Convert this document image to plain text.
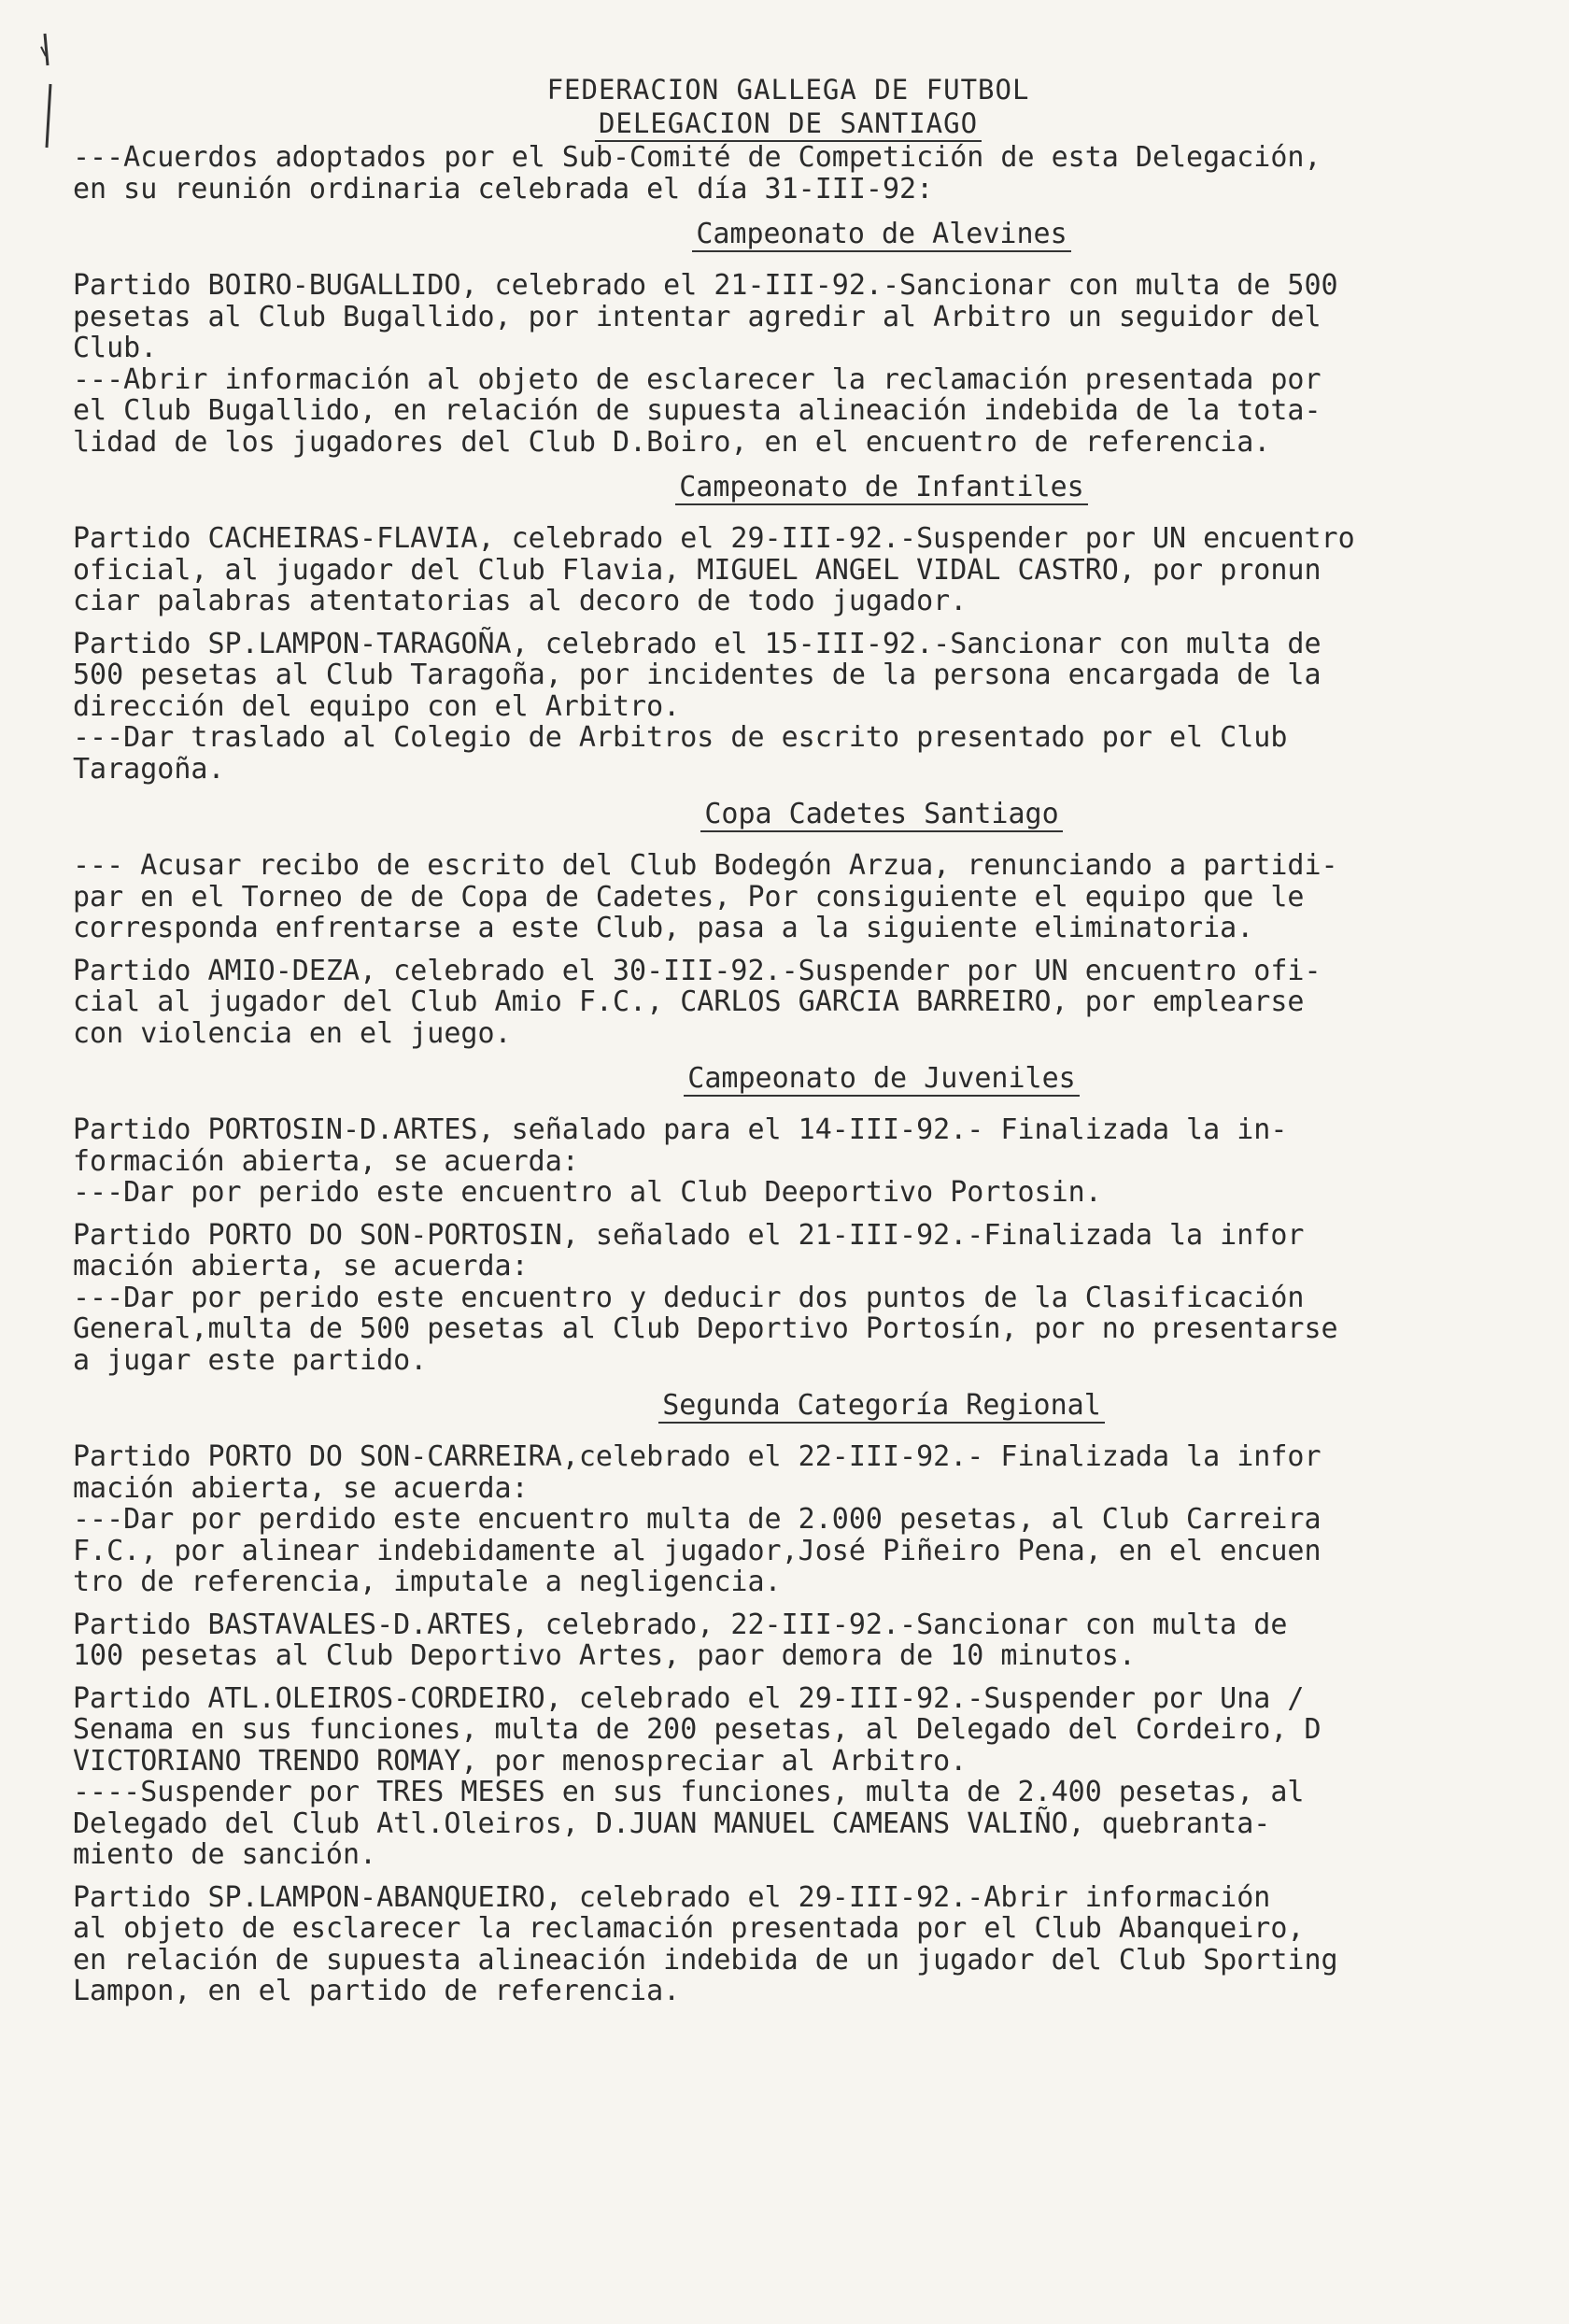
FEDERACION GALLEGA DE FUTBOL
DELEGACION DE SANTIAGO
---Acuerdos adoptados por el Sub-Comité de Competición de esta Delegación,
en su reunión ordinaria celebrada el día 31-III-92:
Campeonato de Alevines
Partido BOIRO-BUGALLIDO, celebrado el 21-III-92.-Sancionar con multa de 500
pesetas al Club Bugallido, por intentar agredir al Arbitro un seguidor del
Club.
---Abrir información al objeto de esclarecer la reclamación presentada por
el Club Bugallido, en relación de supuesta alineación indebida de la tota-
lidad de los jugadores del Club D.Boiro, en el encuentro de referencia.
Campeonato de Infantiles
Partido CACHEIRAS-FLAVIA, celebrado el 29-III-92.-Suspender por UN encuentro
oficial, al jugador del Club Flavia, MIGUEL ANGEL VIDAL CASTRO, por pronun
ciar palabras atentatorias al decoro de todo jugador.
Partido SP.LAMPON-TARAGOÑA, celebrado el 15-III-92.-Sancionar con multa de
500 pesetas al Club Taragoña, por incidentes de la persona encargada de la
dirección del equipo con el Arbitro.
---Dar traslado al Colegio de Arbitros de escrito presentado por el Club
Taragoña.
Copa Cadetes Santiago
--- Acusar recibo de escrito del Club Bodegón Arzua, renunciando a partidi-
par en el Torneo de de Copa de Cadetes, Por consiguiente el equipo que le
corresponda enfrentarse a este Club, pasa a la siguiente eliminatoria.
Partido AMIO-DEZA, celebrado el 30-III-92.-Suspender por UN encuentro ofi-
cial al jugador del Club Amio F.C., CARLOS GARCIA BARREIRO, por emplearse
con violencia en el juego.
Campeonato de Juveniles
Partido PORTOSIN-D.ARTES, señalado para el 14-III-92.- Finalizada la in-
formación abierta, se acuerda:
---Dar por perido este encuentro al Club Deeportivo Portosin.
Partido PORTO DO SON-PORTOSIN, señalado el 21-III-92.-Finalizada la infor
mación abierta, se acuerda:
---Dar por perido este encuentro y deducir dos puntos de la Clasificación
General,multa de 500 pesetas al Club Deportivo Portosín, por no presentarse
a jugar este partido.
Segunda Categoría Regional
Partido PORTO DO SON-CARREIRA,celebrado el 22-III-92.- Finalizada la infor
mación abierta, se acuerda:
---Dar por perdido este encuentro multa de 2.000 pesetas, al Club Carreira
F.C., por alinear indebidamente al jugador,José Piñeiro Pena, en el encuen
tro de referencia, imputale a negligencia.
Partido BASTAVALES-D.ARTES, celebrado, 22-III-92.-Sancionar con multa de
100 pesetas al Club Deportivo Artes, paor demora de 10 minutos.
Partido ATL.OLEIROS-CORDEIRO, celebrado el 29-III-92.-Suspender por Una /
Senama en sus funciones, multa de 200 pesetas, al Delegado del Cordeiro, D
VICTORIANO TRENDO ROMAY, por menospreciar al Arbitro.
----Suspender por TRES MESES en sus funciones, multa de 2.400 pesetas, al
Delegado del Club Atl.Oleiros, D.JUAN MANUEL CAMEANS VALIÑO, quebranta-
miento de sanción.
Partido SP.LAMPON-ABANQUEIRO, celebrado el 29-III-92.-Abrir información
al objeto de esclarecer la reclamación presentada por el Club Abanqueiro,
en relación de supuesta alineación indebida de un jugador del Club Sporting
Lampon, en el partido de referencia.
